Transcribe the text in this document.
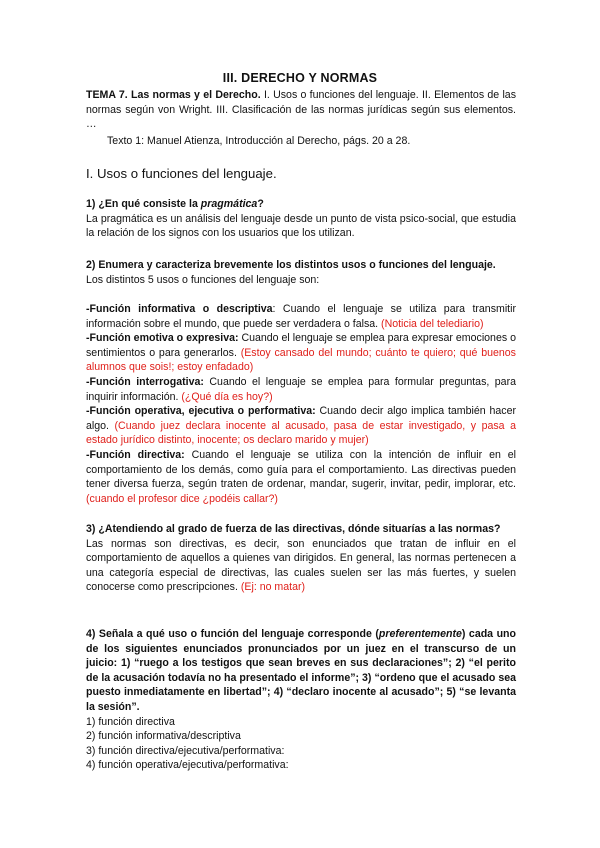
III. DERECHO Y NORMAS
TEMA 7. Las normas y el Derecho. I. Usos o funciones del lenguaje. II. Elementos de las normas según von Wright. III. Clasificación de las normas jurídicas según sus elementos. …
Texto 1: Manuel Atienza, Introducción al Derecho, págs. 20 a 28.
I. Usos o funciones del lenguaje.
1) ¿En qué consiste la pragmática?
La pragmática es un análisis del lenguaje desde un punto de vista psico-social, que estudia la relación de los signos con los usuarios que los utilizan.
2) Enumera y caracteriza brevemente los distintos usos o funciones del lenguaje.
Los distintos 5 usos o funciones del lenguaje son:
-Función informativa o descriptiva: Cuando el lenguaje se utiliza para transmitir información sobre el mundo, que puede ser verdadera o falsa. (Noticia del telediario)
-Función emotiva o expresiva: Cuando el lenguaje se emplea para expresar emociones o sentimientos o para generarlos. (Estoy cansado del mundo; cuánto te quiero; qué buenos alumnos que sois!; estoy enfadado)
-Función interrogativa: Cuando el lenguaje se emplea para formular preguntas, para inquirir información. (¿Qué día es hoy?)
-Función operativa, ejecutiva o performativa: Cuando decir algo implica también hacer algo. (Cuando juez declara inocente al acusado, pasa de estar investigado, y pasa a estado jurídico distinto, inocente; os declaro marido y mujer)
-Función directiva: Cuando el lenguaje se utiliza con la intención de influir en el comportamiento de los demás, como guía para el comportamiento. Las directivas pueden tener diversa fuerza, según traten de ordenar, mandar, sugerir, invitar, pedir, implorar, etc. (cuando el profesor dice ¿podéis callar?)
3) ¿Atendiendo al grado de fuerza de las directivas, dónde situarías a las normas?
Las normas son directivas, es decir, son enunciados que tratan de influir en el comportamiento de aquellos a quienes van dirigidos. En general, las normas pertenecen a una categoría especial de directivas, las cuales suelen ser las más fuertes, y suelen conocerse como prescripciones. (Ej: no matar)
4) Señala a qué uso o función del lenguaje corresponde (preferentemente) cada uno de los siguientes enunciados pronunciados por un juez en el transcurso de un juicio: 1) “ruego a los testigos que sean breves en sus declaraciones”; 2) “el perito de la acusación todavía no ha presentado el informe”; 3) “ordeno que el acusado sea puesto inmediatamente en libertad”; 4) “declaro inocente al acusado”; 5) “se levanta la sesión”.
1) función directiva
2) función informativa/descriptiva
3) función directiva/ejecutiva/performativa:
4) función operativa/ejecutiva/performativa:
